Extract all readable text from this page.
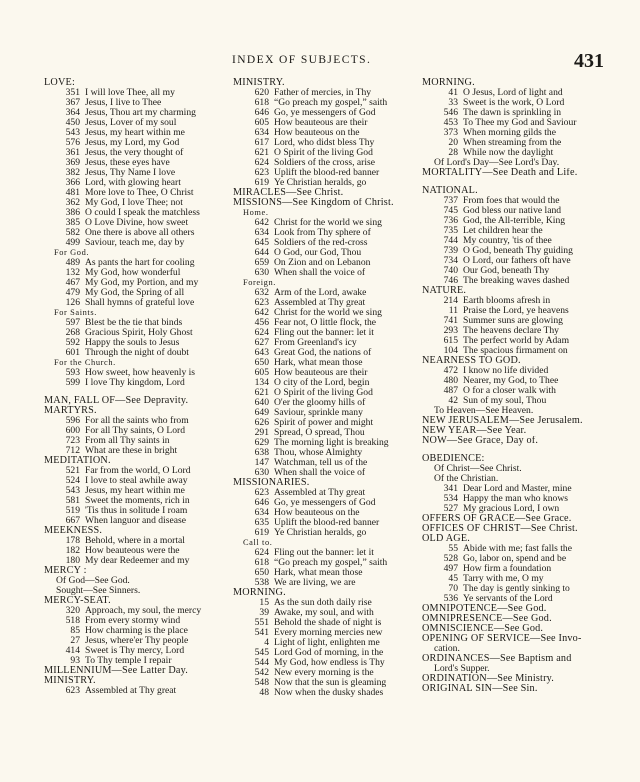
INDEX OF SUBJECTS.	431
LOVE:
351 I will love Thee, all my
367 Jesus, I live to Thee
364 Jesus, Thou art my charming
450 Jesus, Lover of my soul
543 Jesus, my heart within me
576 Jesus, my Lord, my God
361 Jesus, the very thought of
369 Jesus, these eyes have
382 Jesus, Thy Name I love
366 Lord, with glowing heart
481 More love to Thee, O Christ
362 My God, I love Thee; not
386 O could I speak the matchless
385 O Love Divine, how sweet
582 One there is above all others
499 Saviour, teach me, day by
For God.
489 As pants the hart for cooling
132 My God, how wonderful
467 My God, my Portion, and my
479 My God, the Spring of all
126 Shall hymns of grateful love
For Saints.
597 Blest be the tie that binds
268 Gracious Spirit, Holy Ghost
592 Happy the souls to Jesus
601 Through the night of doubt
For the Church.
593 How sweet, how heavenly is
599 I love Thy kingdom, Lord
MAN, FALL OF—See Depravity.
MARTYRS.
596 For all the saints who from
600 For all Thy saints, O Lord
723 From all Thy saints in
712 What are these in bright
MEDITATION.
521 Far from the world, O Lord
524 I love to steal awhile away
543 Jesus, my heart within me
581 Sweet the moments, rich in
519 'Tis thus in solitude I roam
667 When languor and disease
MEEKNESS.
178 Behold, where in a mortal
182 How beauteous were the
180 My dear Redeemer and my
MERCY :
Of God—See God.
Sought—See Sinners.
MERCY-SEAT.
320 Approach, my soul, the mercy
518 From every stormy wind
85 How charming is the place
27 Jesus, where'er Thy people
414 Sweet is Thy mercy, Lord
93 To Thy temple I repair
MILLENNIUM—See Latter Day.
MINISTRY.
623 Assembled at Thy great
MINISTRY.
620 Father of mercies, in Thy
618 “Go preach my gospel,” saith
646 Go, ye messengers of God
605 How beauteous are their
634 How beauteous on the
617 Lord, who didst bless Thy
621 O Spirit of the living God
624 Soldiers of the cross, arise
623 Uplift the blood-red banner
619 Ye Christian heralds, go
MIRACLES—See Christ.
MISSIONS—See Kingdom of Christ.
Home.
642 Christ for the world we sing
634 Look from Thy sphere of
645 Soldiers of the red-cross
644 O God, our God, Thou
659 On Zion and on Lebanon
630 When shall the voice of
Foreign.
632 Arm of the Lord, awake
623 Assembled at Thy great
642 Christ for the world we sing
456 Fear not, O little flock, the
624 Fling out the banner: let it
627 From Greenland's icy
643 Great God, the nations of
650 Hark, what mean those
605 How beauteous are their
134 O city of the Lord, begin
621 O Spirit of the living God
640 O'er the gloomy hills of
649 Saviour, sprinkle many
626 Spirit of power and might
291 Spread, O spread, Thou
629 The morning light is breaking
638 Thou, whose Almighty
147 Watchman, tell us of the
630 When shall the voice of
MISSIONARIES.
623 Assembled at Thy great
646 Go, ye messengers of God
634 How beauteous on the
635 Uplift the blood-red banner
619 Ye Christian heralds, go
Call to.
624 Fling out the banner: let it
618 “Go preach my gospel,” saith
650 Hark, what mean those
538 We are living, we are
MORNING.
15 As the sun doth daily rise
39 Awake, my soul, and with
551 Behold the shade of night is
541 Every morning mercies new
4 Light of light, enlighten me
545 Lord God of morning, in the
544 My God, how endless is Thy
542 New every morning is the
548 Now that the sun is gleaming
48 Now when the dusky shades
MORNING.
41 O Jesus, Lord of light and
33 Sweet is the work, O Lord
546 The dawn is sprinkling in
453 To Thee my God and Saviour
373 When morning gilds the
20 When streaming from the
28 While now the daylight
Of Lord's Day—See Lord's Day.
MORTALITY—See Death and Life.
NATIONAL.
737 From foes that would the
745 God bless our native land
736 God, the All-terrible, King
735 Let children hear the
744 My country, 'tis of thee
739 O God, beneath Thy guiding
734 O Lord, our fathers oft have
740 Our God, beneath Thy
746 The breaking waves dashed
NATURE.
214 Earth blooms afresh in
11 Praise the Lord, ye heavens
741 Summer suns are glowing
293 The heavens declare Thy
615 The perfect world by Adam
104 The spacious firmament on
NEARNESS TO GOD.
472 I know no life divided
480 Nearer, my God, to Thee
487 O for a closer walk with
42 Sun of my soul, Thou
To Heaven—See Heaven.
NEW JERUSALEM—See Jerusalem.
NEW YEAR—See Year.
NOW—See Grace, Day of.
OBEDIENCE:
Of Christ—See Christ.
Of the Christian.
341 Dear Lord and Master, mine
534 Happy the man who knows
527 My gracious Lord, I own
OFFERS OF GRACE—See Grace.
OFFICES OF CHRIST—See Christ.
OLD AGE.
55 Abide with me; fast falls the
528 Go, labor on, spend and be
497 How firm a foundation
45 Tarry with me, O my
70 The day is gently sinking to
536 Ye servants of the Lord
OMNIPOTENCE—See God.
OMNIPRESENCE—See God.
OMNISCIENCE—See God.
OPENING OF SERVICE—See Invo-
cation.
ORDINANCES—See Baptism and
Lord's Supper.
ORDINATION—See Ministry.
ORIGINAL SIN—See Sin.
